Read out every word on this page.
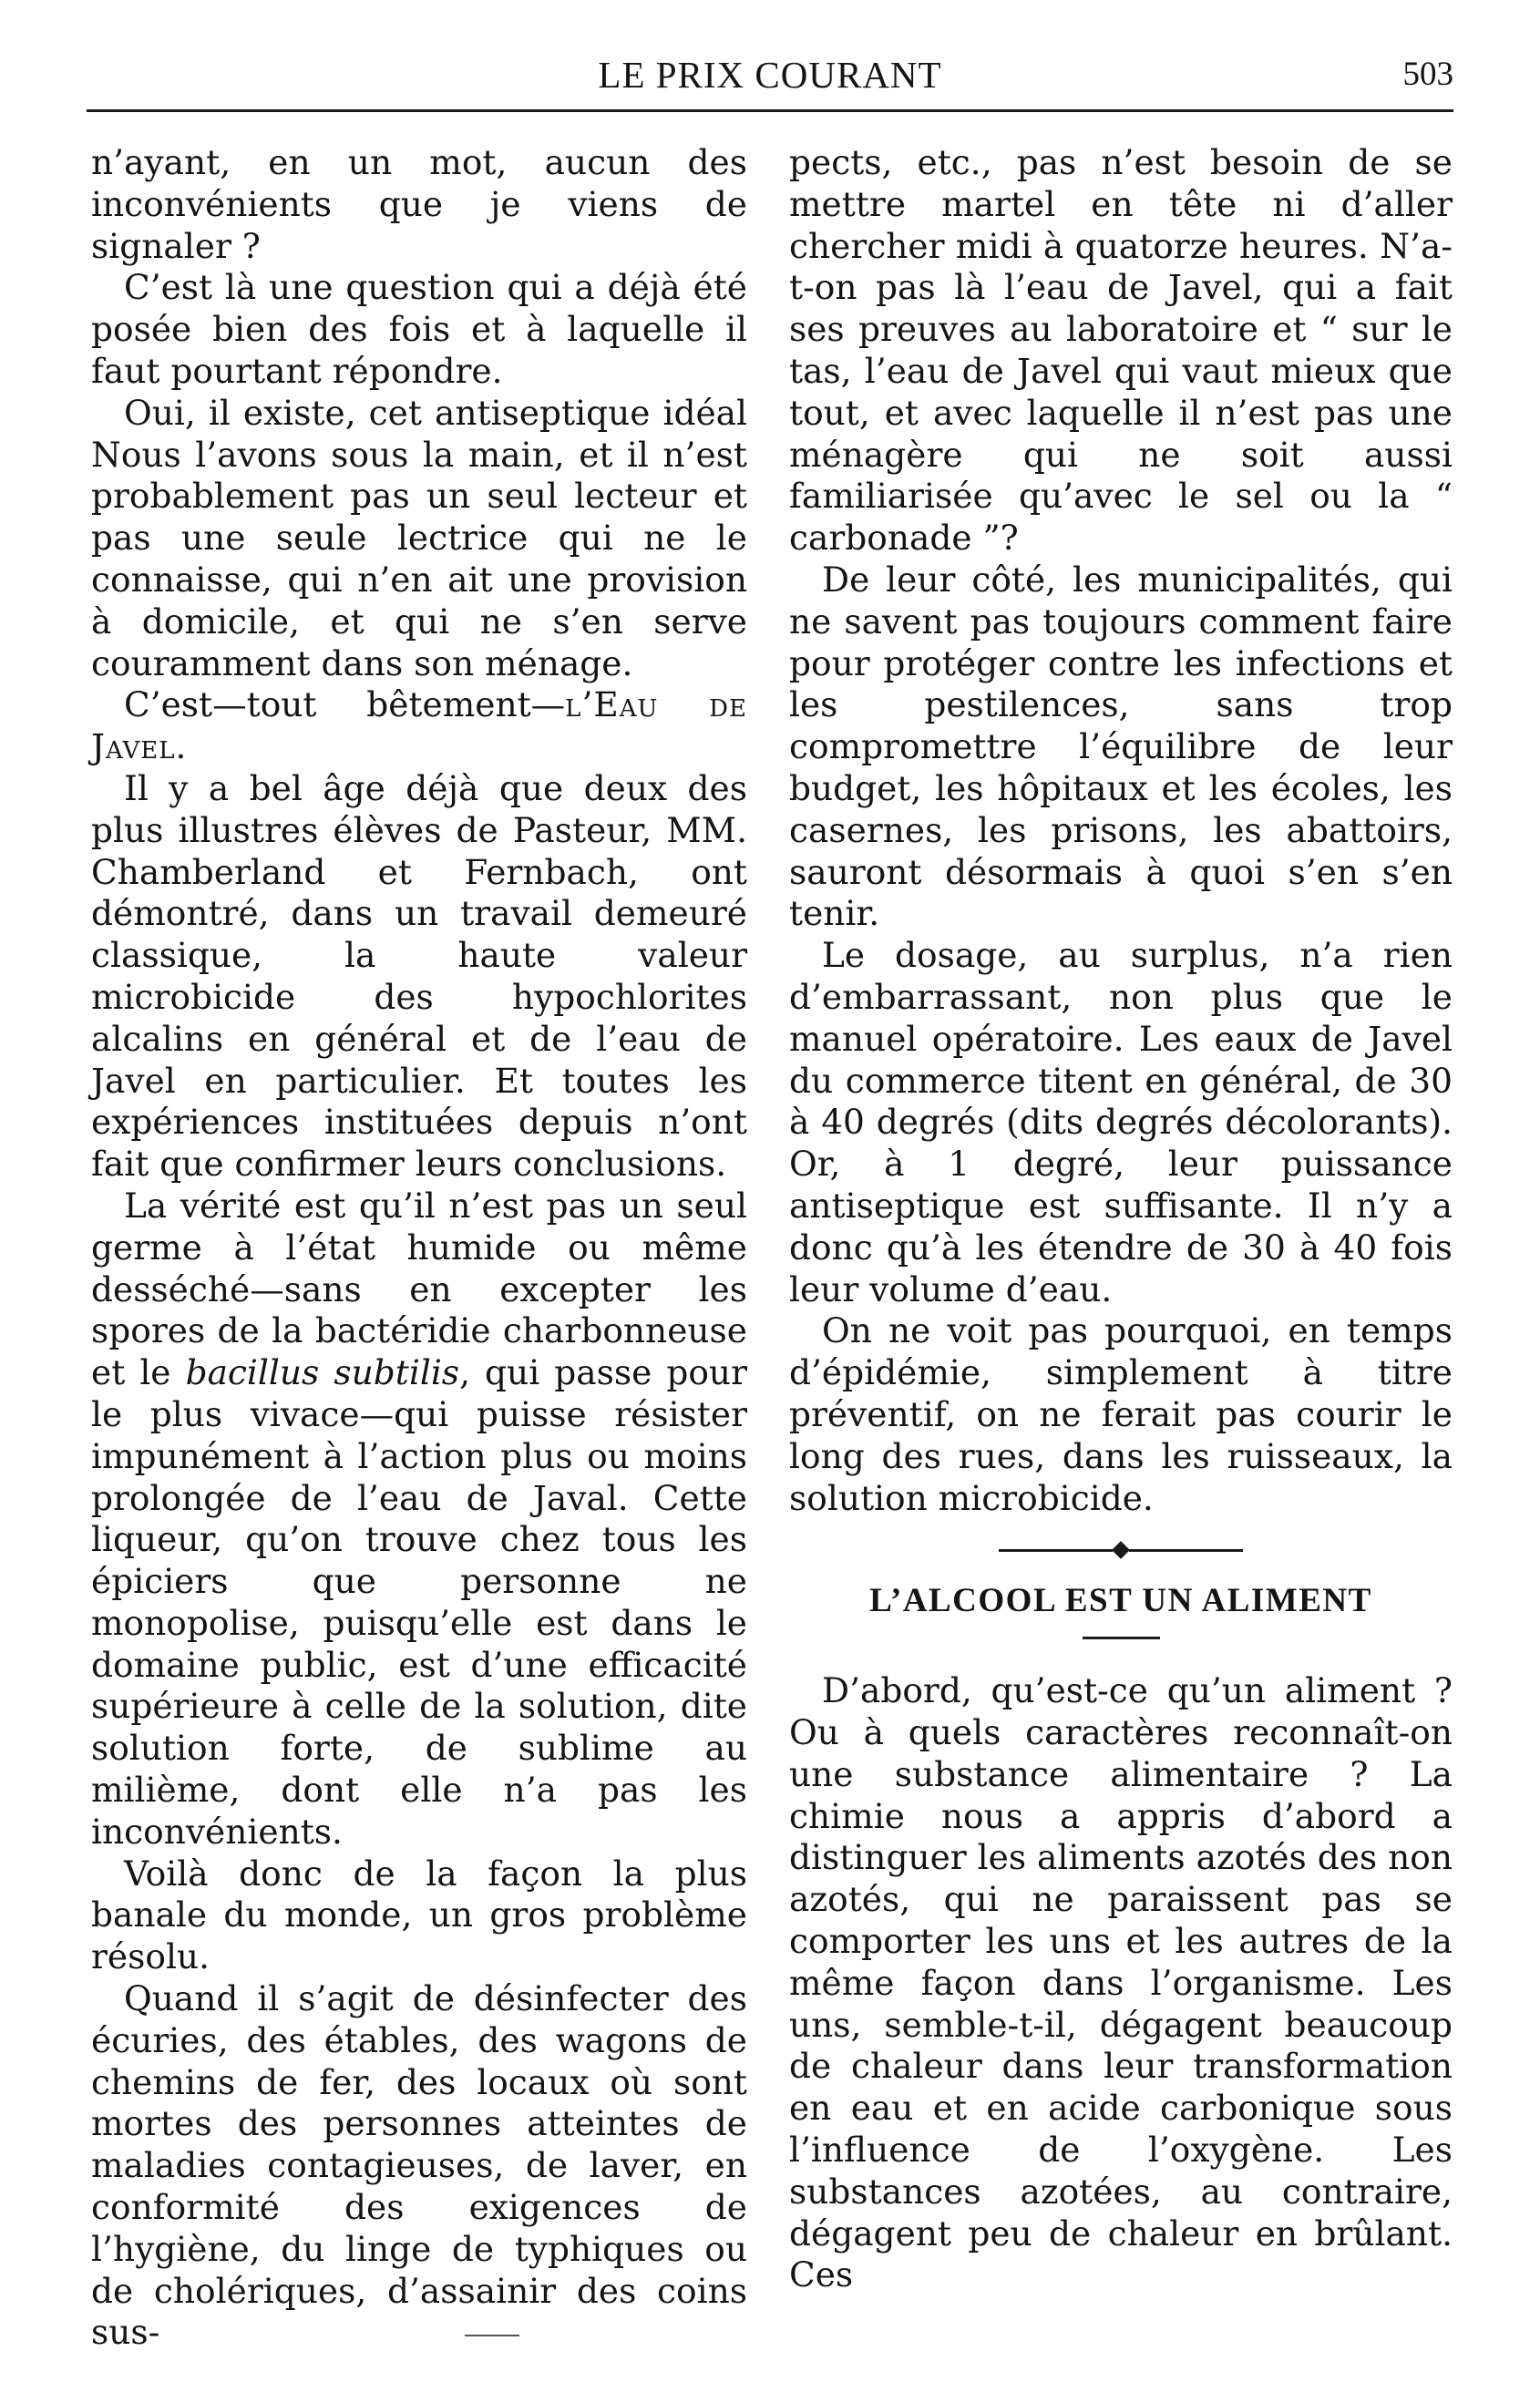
LE PRIX COURANT	503

n’ayant, en un mot, aucun des inconvénients que je viens de signaler ?

C’est là une question qui a déjà été posée bien des fois et à laquelle il faut pourtant répondre.

Oui, il existe, cet antiseptique idéal Nous l’avons sous la main, et il n’est probablement pas un seul lecteur et pas une seule lectrice qui ne le connaisse, qui n’en ait une provision à domicile, et qui ne s’en serve couramment dans son ménage.

C’est—tout bêtement—l’Eau de Javel.

Il y a bel âge déjà que deux des plus illustres élèves de Pasteur, MM. Chamberland et Fernbach, ont démontré, dans un travail demeuré classique, la haute valeur microbicide des hypochlorites alcalins en général et de l’eau de Javel en particulier. Et toutes les expériences instituées depuis n’ont fait que confirmer leurs conclusions.

La vérité est qu’il n’est pas un seul germe à l’état humide ou même desséché—sans en excepter les spores de la bactéridie charbonneuse et le bacillus subtilis, qui passe pour le plus vivace—qui puisse résister impunément à l’action plus ou moins prolongée de l’eau de Javal. Cette liqueur, qu’on trouve chez tous les épiciers que personne ne monopolise, puisqu’elle est dans le domaine public, est d’une efficacité supérieure à celle de la solution, dite solution forte, de sublime au milième, dont elle n’a pas les inconvénients.

Voilà donc de la façon la plus banale du monde, un gros problème résolu.

Quand il s’agit de désinfecter des écuries, des étables, des wagons de chemins de fer, des locaux où sont mortes des personnes atteintes de maladies contagieuses, de laver, en conformité des exigences de l’hygiène, du linge de typhiques ou de cholériques, d’assainir des coins sus-

pects, etc., pas n’est besoin de se mettre martel en tête ni d’aller chercher midi à quatorze heures. N’a-t-on pas là l’eau de Javel, qui a fait ses preuves au laboratoire et “ sur le tas, l’eau de Javel qui vaut mieux que tout, et avec laquelle il n’est pas une ménagère qui ne soit aussi familiarisée qu’avec le sel ou la “ carbonade ”?

De leur côté, les municipalités, qui ne savent pas toujours comment faire pour protéger contre les infections et les pestilences, sans trop compromettre l’équilibre de leur budget, les hôpitaux et les écoles, les casernes, les prisons, les abattoirs, sauront désormais à quoi s’en s’en tenir.

Le dosage, au surplus, n’a rien d’embarrassant, non plus que le manuel opératoire. Les eaux de Javel du commerce titent en général, de 30 à 40 degrés (dits degrés décolorants). Or, à 1 degré, leur puissance antiseptique est suffisante. Il n’y a donc qu’à les étendre de 30 à 40 fois leur volume d’eau.

On ne voit pas pourquoi, en temps d’épidémie, simplement à titre préventif, on ne ferait pas courir le long des rues, dans les ruisseaux, la solution microbicide.

L’ALCOOL EST UN ALIMENT

D’abord, qu’est-ce qu’un aliment ? Ou à quels caractères reconnaît-on une substance alimentaire ? La chimie nous a appris d’abord a distinguer les aliments azotés des non azotés, qui ne paraissent pas se comporter les uns et les autres de la même façon dans l’organisme. Les uns, semble-t-il, dégagent beaucoup de chaleur dans leur transformation en eau et en acide carbonique sous l’influence de l’oxygène. Les substances azotées, au contraire, dégagent peu de chaleur en brûlant. Ces
